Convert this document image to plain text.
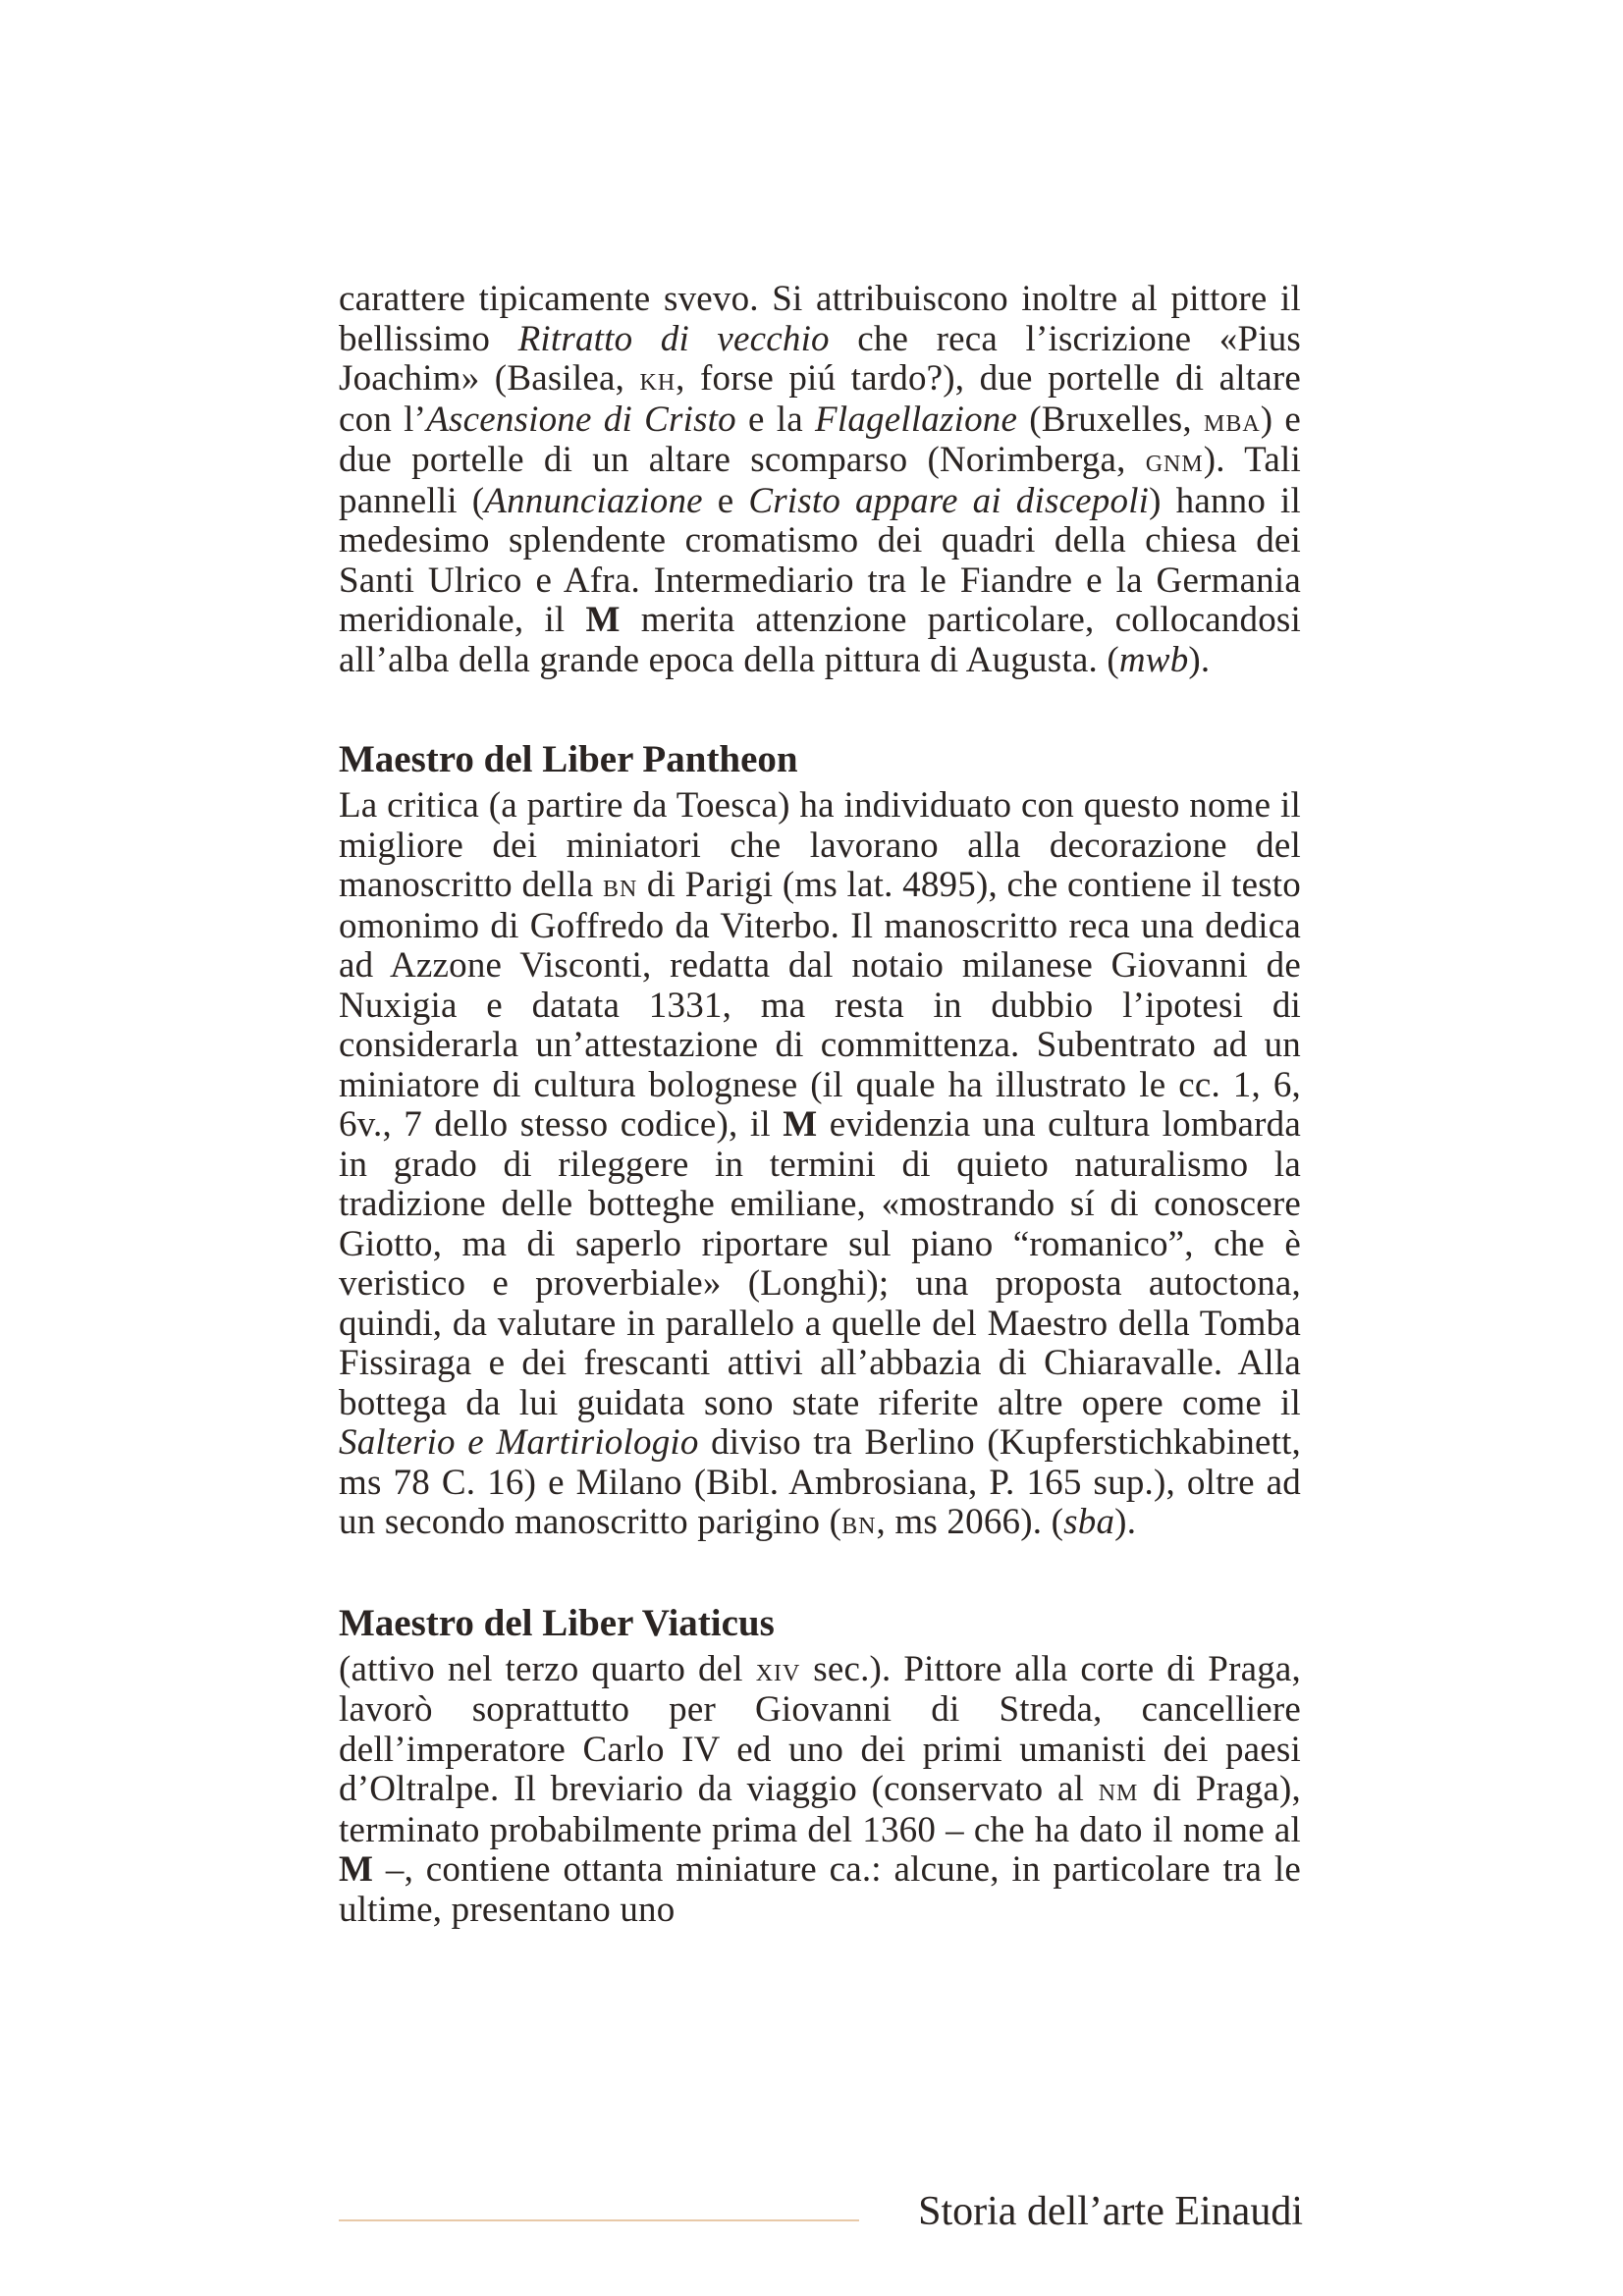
carattere tipicamente svevo. Si attribuiscono inoltre al pittore il bellissimo Ritratto di vecchio che reca l’iscrizione «Pius Joachim» (Basilea, kh, forse piú tardo?), due portelle di altare con l’Ascensione di Cristo e la Flagellazione (Bruxelles, mba) e due portelle di un altare scomparso (Norimberga, gnm). Tali pannelli (Annunciazione e Cristo appare ai discepoli) hanno il medesimo splendente cromatismo dei quadri della chiesa dei Santi Ulrico e Afra. Intermediario tra le Fiandre e la Germania meridionale, il M merita attenzione particolare, collocandosi all’alba della grande epoca della pittura di Augusta. (mwb).

Maestro del Liber Pantheon

La critica (a partire da Toesca) ha individuato con questo nome il migliore dei miniatori che lavorano alla decorazione del manoscritto della bn di Parigi (ms lat. 4895), che contiene il testo omonimo di Goffredo da Viterbo. Il manoscritto reca una dedica ad Azzone Visconti, redatta dal notaio milanese Giovanni de Nuxigia e datata 1331, ma resta in dubbio l’ipotesi di considerarla un’attestazione di committenza. Subentrato ad un miniatore di cultura bolognese (il quale ha illustrato le cc. 1, 6, 6v., 7 dello stesso codice), il M evidenzia una cultura lombarda in grado di rileggere in termini di quieto naturalismo la tradizione delle botteghe emiliane, «mostrando sí di conoscere Giotto, ma di saperlo riportare sul piano “romanico”, che è veristico e proverbiale» (Longhi); una proposta autoctona, quindi, da valutare in parallelo a quelle del Maestro della Tomba Fissiraga e dei frescanti attivi all’abbazia di Chiaravalle. Alla bottega da lui guidata sono state riferite altre opere come il Salterio e Martiriologio diviso tra Berlino (Kupferstichkabinett, ms 78 C. 16) e Milano (Bibl. Ambrosiana, P. 165 sup.), oltre ad un secondo manoscritto parigino (bn, ms 2066). (sba).

Maestro del Liber Viaticus

(attivo nel terzo quarto del xiv sec.). Pittore alla corte di Praga, lavorò soprattutto per Giovanni di Streda, cancelliere dell’imperatore Carlo IV ed uno dei primi umanisti dei paesi d’Oltralpe. Il breviario da viaggio (conservato al nm di Praga), terminato probabilmente prima del 1360 – che ha dato il nome al M –, contiene ottanta miniature ca.: alcune, in particolare tra le ultime, presentano uno

Storia dell’arte Einaudi
